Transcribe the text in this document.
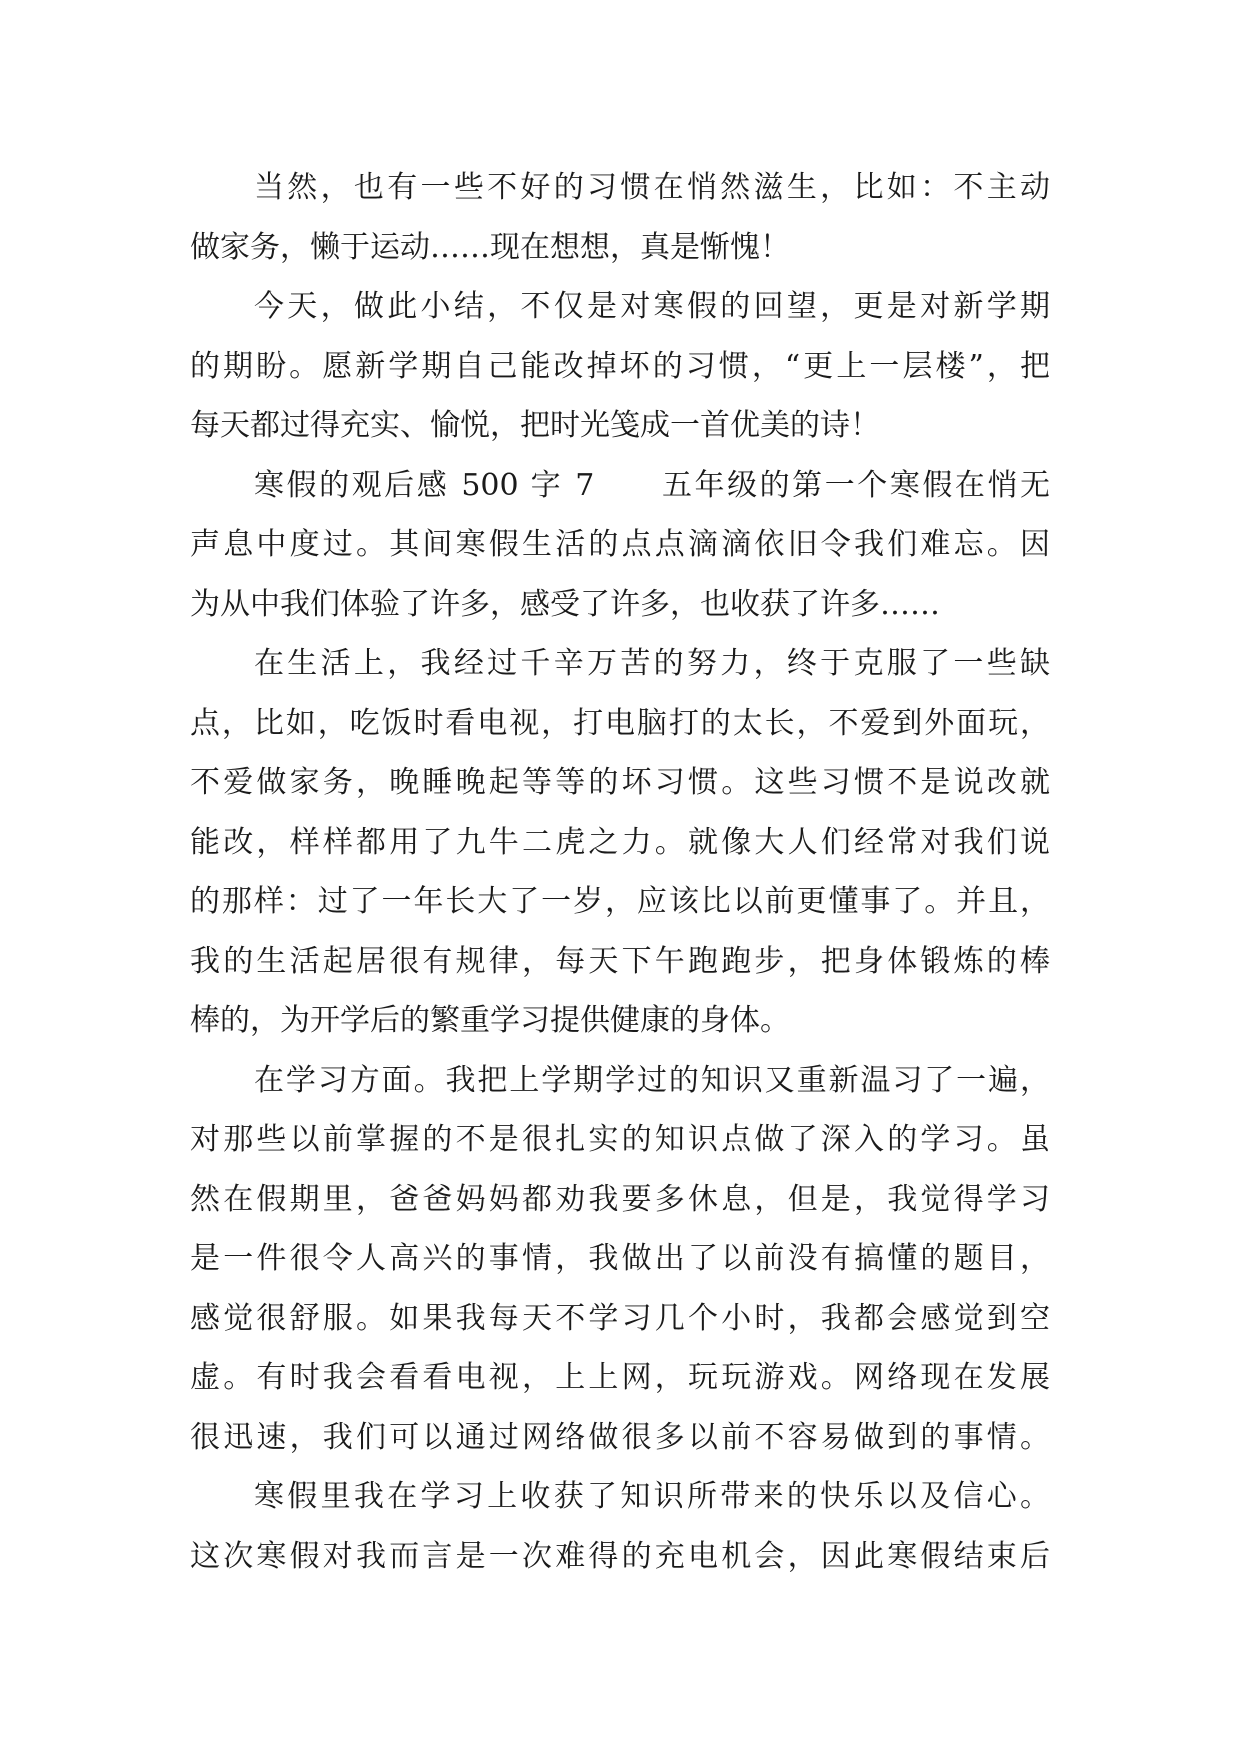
当然，也有一些不好的习惯在悄然滋生，比如：不主动
做家务，懒于运动……现在想想，真是惭愧！
今天，做此小结，不仅是对寒假的回望，更是对新学期
的期盼。愿新学期自己能改掉坏的习惯，“更上一层楼”，把
每天都过得充实、愉悦，把时光笺成一首优美的诗！
寒假的观后感 500 字 7　　五年级的第一个寒假在悄无
声息中度过。其间寒假生活的点点滴滴依旧令我们难忘。因
为从中我们体验了许多，感受了许多，也收获了许多……
在生活上，我经过千辛万苦的努力，终于克服了一些缺
点，比如，吃饭时看电视，打电脑打的太长，不爱到外面玩，
不爱做家务，晚睡晚起等等的坏习惯。这些习惯不是说改就
能改，样样都用了九牛二虎之力。就像大人们经常对我们说
的那样：过了一年长大了一岁，应该比以前更懂事了。并且，
我的生活起居很有规律，每天下午跑跑步，把身体锻炼的棒
棒的，为开学后的繁重学习提供健康的身体。
在学习方面。我把上学期学过的知识又重新温习了一遍，
对那些以前掌握的不是很扎实的知识点做了深入的学习。虽
然在假期里，爸爸妈妈都劝我要多休息，但是，我觉得学习
是一件很令人高兴的事情，我做出了以前没有搞懂的题目，
感觉很舒服。如果我每天不学习几个小时，我都会感觉到空
虚。有时我会看看电视，上上网，玩玩游戏。网络现在发展
很迅速，我们可以通过网络做很多以前不容易做到的事情。
寒假里我在学习上收获了知识所带来的快乐以及信心。
这次寒假对我而言是一次难得的充电机会，因此寒假结束后
